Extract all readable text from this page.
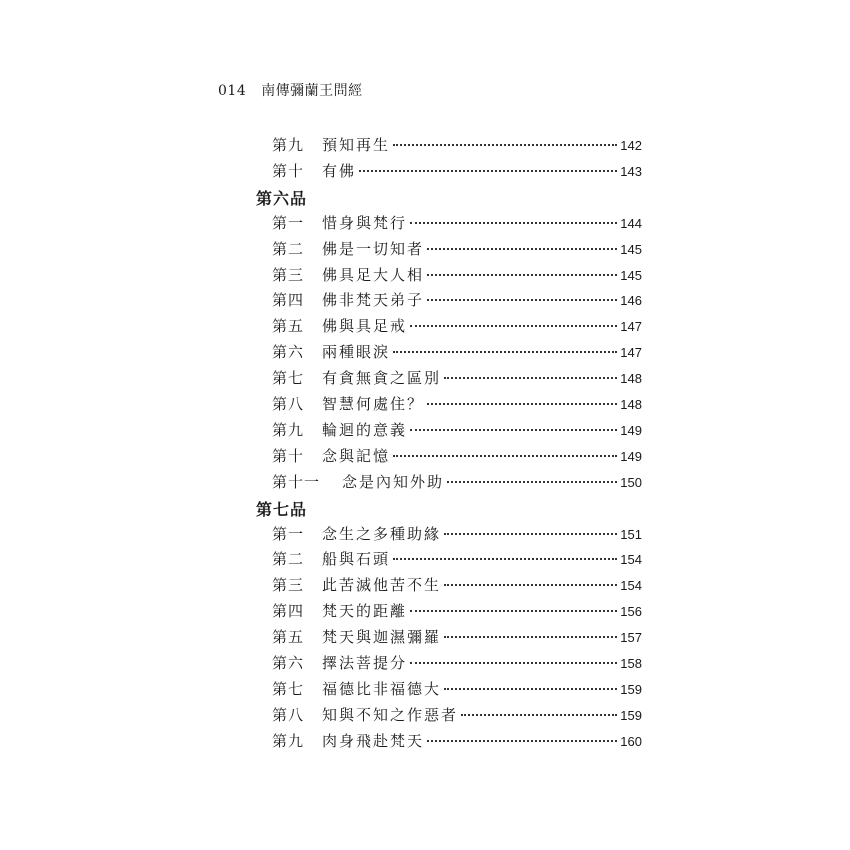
014 南傳彌蘭王問經
第九	預知再生	142
第十	有佛	143
第六品
第一	惜身與梵行	144
第二	佛是一切知者	145
第三	佛具足大人相	145
第四	佛非梵天弟子	146
第五	佛與具足戒	147
第六	兩種眼淚	147
第七	有貪無貪之區別	148
第八	智慧何處住？	148
第九	輪迴的意義	149
第十	念與記憶	149
第十一	念是內知外助	150
第七品
第一	念生之多種助緣	151
第二	船與石頭	154
第三	此苦滅他苦不生	154
第四	梵天的距離	156
第五	梵天與迦濕彌羅	157
第六	擇法菩提分	158
第七	福德比非福德大	159
第八	知與不知之作惡者	159
第九	肉身飛赴梵天	160
